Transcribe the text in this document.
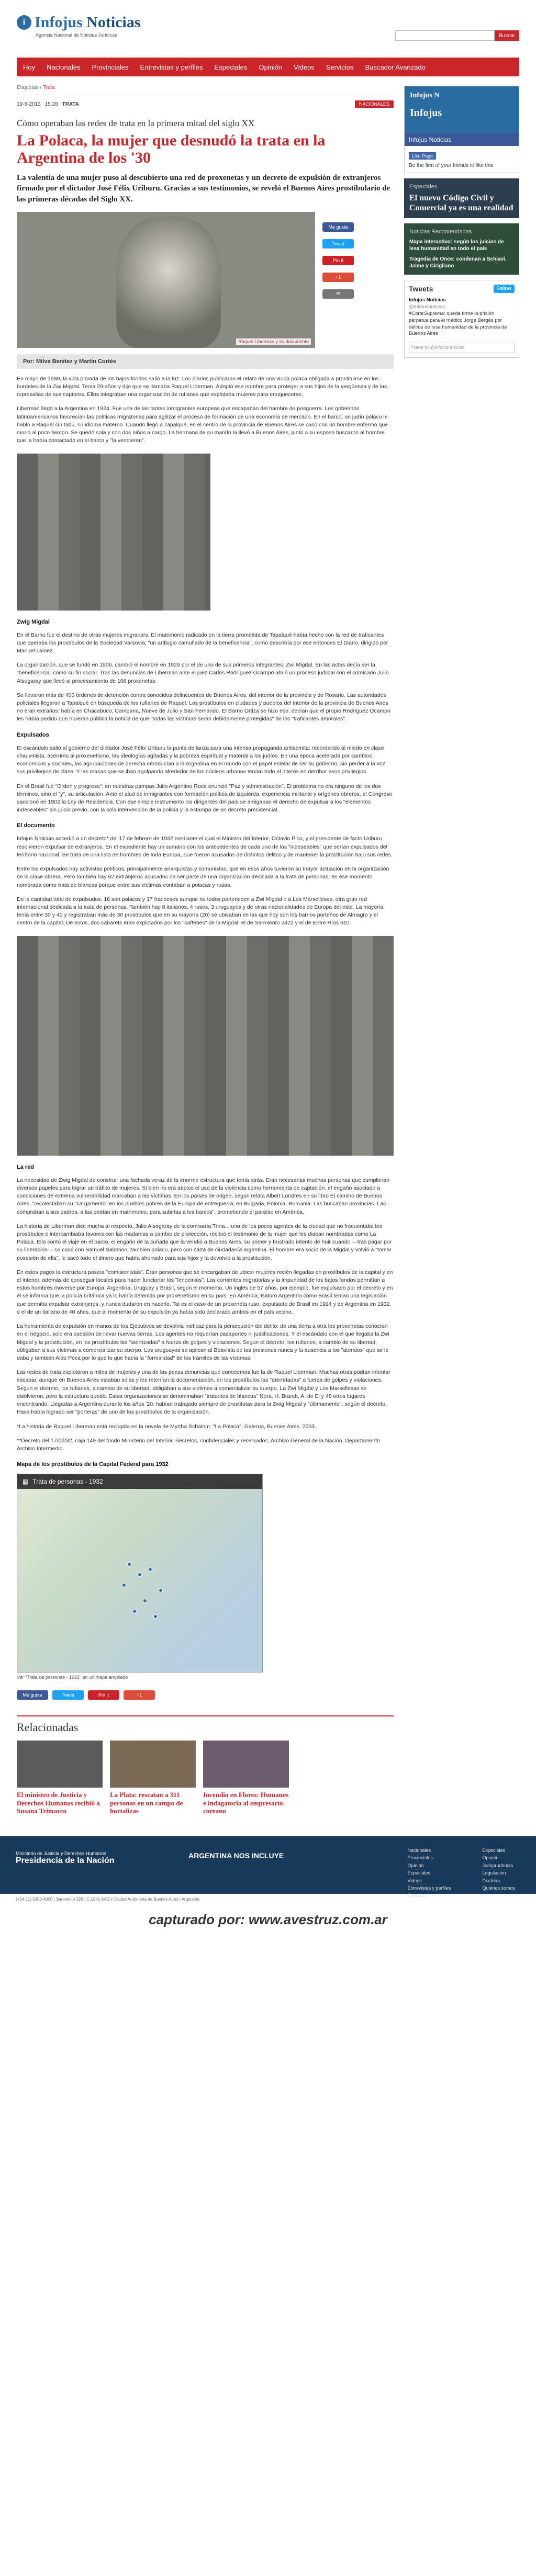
i Infojus Noticias
Agencia Nacional de Noticias Jurídicas	Buscar
Hoy Nacionales Provinciales Entrevistas y perfiles Especiales Opinión Videos Servicios Buscador Avanzado
Etiquetas / Trata
19-8-2013 15:28 TRATA	NACIONALES
Cómo operaban las redes de trata en la primera mitad del siglo XX
La Polaca, la mujer que desnudó la trata en la Argentina de los '30
La valentía de una mujer puso al descubierto una red de proxenetas y un decreto de expulsión de extranjeros firmado por el dictador José Félix Uriburu. Gracias a sus testimonios, se reveló el Buenos Aires prostibulario de las primeras décadas del Siglo XX.
Raquel Liberman y su documento
Me gusta
Tweet
Pin it
+1
✉
Por: Milva Benitez y Martín Cortés

En mayo de 1930, la vida privada de los bajos fondos salió a la luz. Los diarios publicaron el relato de una viuda polaca obligada a prostituirse en los burdeles de la Zwi Migdal. Tenía 29 años y dijo que se llamaba Raquel Liberman. Adoptó ese nombre para proteger a sus hijos de la vergüenza y de las represalias de sus captores. Ellos integraban una organización de rufianes que explotaba mujeres para enriquecerse.

Liberman llegó a la Argentina en 1924. Fue una de las tantas inmigrantes europeas que escapaban del hambre de posguerra. Los gobiernos latinoamericanos favorecían las políticas migratorias para agilizar el proceso de formación de una economía de mercado. En el barco, un judío polaco le habló a Raquel sin tabú, su idioma materno. Cuando llegó a Tapalqué, en el centro de la provincia de Buenos Aires se casó con un hombre enfermo que murió al poco tiempo. Se quedó sola y con dos niños a cargo. La hermana de su marido la llevó a Buenos Aires, junto a su esposo buscaron al hombre que la había contactado en el barco y "la vendieron".

Zwig Migdal

En el Barrio fue el destino de otras mujeres migrantes. El matrimonio radicado en la tierra prometida de Tapalqué había hecho con la red de traficantes que operaba los prostíbulos de la Sociedad Varsovia, "un artilugio camuflado de la beneficencia", como describía por ese entonces El Diario, dirigido por Manuel Lainez.

La organización, que se fundó en 1906, cambió el nombre en 1929 por el de uno de sus primeros integrantes: Zwi Migdal. En las actas decía ser la "beneficencia" como su fin social. Tras las denuncias de Liberman ante el juez Carlos Rodríguez Ocampo abrió un proceso judicial con el comisario Julio Alsogaray que llevó al procesamiento de 108 proxenetas.

Se llevaron más de 400 órdenes de detención contra conocidos delincuentes de Buenos Aires, del interior de la provincia y de Rosario. Las autoridades policiales llegaron a Tapalqué en búsqueda de los rufianes de Raquel. Los prostíbulos en ciudades y pueblos del interior de la provincia de Buenos Aires no eran extraños: había en Chacabuco, Campana, Nueve de Julio y San Fernando. El Barrio Ortiza se hizo eco: decían que el propio Rodríguez Ocampo les había pedido que hicieran pública la noticia de que "todas las víctimas serán debidamente protegidas" de los "traficantes amorales".

Expulsados

El escándalo salió al gobierno del dictador José Félix Uriburu la punta de lanza para una intensa propaganda antisemita: recordando al miedo en clase chauvinista, acérrimo al proxenetismo, las ideologías agitadas y la pobreza espiritual y material a los judíos. En una época acelerada por cambios económicos y sociales, las agrupaciones de derecha introducían a la Argentina en el mundo con el papel estelar de ser su gobierno, sin perder a la voz sus privilegios de clase. Y las masas que se iban agolpando alrededor de los núcleos urbanos tenían todo el interés en derribar esos privilegios.

En el Brasil fue "Orden y progreso"; en nuestras pampas Julio Argentino Roca enunció "Paz y administración". El problema no era ninguno de los dos términos, sino el "y", su articulación. Ante el alud de inmigrantes con formación política de izquierda, experiencia militante y orígenes obreros, el Congreso sancionó en 1902 la Ley de Residencia. Con ese simple instrumento los dirigentes del país se amigaban el derecho de expulsar a los "elementos indeseables" sin juicio previo, con la sola intervención de la policía y la estampa de un decreto presidencial.

El documento

Infojus Noticias accedió a un decreto* del 17 de febrero de 1932 mediante el cual el Ministro del Interior, Octavio Pico, y el presidente de facto Uriburu resolvieron expulsar de extranjeros. En el expediente hay un sumario con los antecedentes de cada uno de los "indeseables" que serían expulsados del territorio nacional. Se trata de una lista de hombres de toda Europa, que fueron acusados de distintos delitos y de mantener la prostitución bajo sus redes.

Entre los expulsados hay activistas políticos; principalmente anarquistas y comunistas, que en esos años tuvieron su mayor actuación en la organización de la clase obrera. Pero también hay 62 extranjeros acusados de ser parte de una organización dedicada a la trata de personas, en ese momento nombrada como trata de blancas porque entre sus víctimas contaban a polacas y rusas.

De la cantidad total de expulsados, 16 son polacos y 17 franceses aunque no todos pertenecen a Zwi Migdal o a Los Marsellesas, otra gran red internacional dedicada a la trata de personas. También hay 8 italianos, 4 rusos, 3 uruguayos y de otras nacionalidades de Europa del este. La mayoría tenía entre 30 y 40 y registraban más de 30 prostíbulos que en su mayoría (20) se ubicaban en las que hoy son los barrios porteños de Almagro y el centro de la capital. De estos, dos cabarets eran explotados por los "caftenes" de la Migdal: el de Sarmiento 2422 y el de Entre Ríos 610.

La red

La necesidad de Zwig Migdal de construir una fachada veraz de la enorme estructura que tenía atrás. Eran necesarias muchas personas que cumplieran diversos papeles para lograr un tráfico de mujeres. Si bien no era atípico el uso de la violencia como herramienta de captación, el engaño asociado a condiciones de extrema vulnerabilidad marcaban a las víctimas. En los países de origen, según relata Albert Londres en su libro El camino de Buenos Aires, "recolectaban su "cargamento" en los pueblos pobres de la Europa de entreguerra, en Bulgaria, Polonia, Rumania. Las buscaban provincias. Las compraban a sus padres, a las pedían en matrimonio, para subirlas a los barcos", prometiendo el paraíso en América.

La historia de Liberman dice mucha al respecto. Julio Alsogaray de la comisaría Trina... uno de los pocos agentes de la ciudad que no frecuentaba los prostíbulos e intercambiaba favores con las madamas a cambio de protección, recibió el testimonio de la mujer que les diaban nombradas como La Polaca. Ella contó el viaje en el barco, el engaño de la cuñada que la vendió a Buenos Aires, su primer y frustrado intento de huir cuando —tras pagar por su liberación— se casó con Samuel Salomon, también polaco, pero con carta de ciudadanía argentina. El hombre era socio de la Migdal y volvió a "tomar posesión de ella", le sacó todo el dinero que había ahorrado para sus hijos y la devolvió a la prostitución.

En estos pagos la estructura poseía "comisionistas". Eran personas que se encargaban de ubicar mujeres recién llegadas en prostíbulos de la capital y en el interior, además de conseguir locales para hacer funcionar los "lenocinios". Las corrientes migratorias y la impunidad de los bajos fondos permitían a estos hombres moverse por Europa, Argentina, Uruguay y Brasil, según el momento. Un inglés de 57 años, por ejemplo, fue expulsado por el decreto y en él se informa que la policía británica ya lo había detenido por proxenetismo en su país. En América, Isidoro Argentino como Brasil tenían una legislación que permitía expulsar extranjeros, y nunca dudaron en hacerlo. Tal es el caso de un proxeneta ruso, expulsado de Brasil en 1914 y de Argentina en 1932, o el de un italiano de 40 años, que al momento de su expulsión ya había sido declarado ambos en el país vecino.

La herramienta de expulsión en manos de los Ejecutivos se devolvía ineficaz para la persecución del delito: de una tierra a otra los proxenetas conocían en el negocio, solo era cuestión de llevar nuevas tierras. Los agentes no requerían pasaportes ni justificaciones. Y el escándalo con el que llegaba la Zwi Migdal y la prostitución, en los prostíbulos las "aterrizadas" a fuerza de golpes y violaciones. Según el decreto, los rufianes, a cambio de su libertad, obligaban a sus víctimas a comercializar su cuerpo. Los uruguayos se aplican al Boavista de las presiones nunca y la ausencia a los "ateridos" que se le daba y también Aldo Poca por lo que lo que hacía la "formalidad" de los trámites de las víctimas.

Las redes de trata explotaron a miles de mujeres y una de las pocas denuncias que conocemos fue la de Raquel Liberman. Muchas otras podían intentar escapar, aunque en Buenos Aires estaban solas y les retenían la documentación, en los prostíbulos las "aterridadas" a fuerza de golpes y violaciones. Según el decreto, los rufianes, a cambio de su libertad, obligaban a sus víctimas a comercializar su cuerpo. La Zwi Migdal y Los Marsellesas se disolvieron, pero la estructura quedó. Estas organizaciones se denominaban "tratantes de blancas" Nora, H. Brandt, A. de El y 48 otros lugares encontrando. Llegadas a Argentina durante los años '20, habían trabajado siempre de prostitutas para la Zwig Migdal y "últimamente", según el decreto. Hava había logrado ser "porteras" de uno de los prostíbulos de la organización.

*La historia de Raquel Liberman está recogida en la novela de Myrtha Schalom: "La Polaca", Galerna, Buenos Aires, 2003.

**Decreto del 17/02/32, caja 149 del fondo Ministerio del Interior, Secretos, confidenciales y reservados, Archivo General de la Nación. Departamento Archivo Intermedio.

Mapa de los prostíbulos de la Capital Federal para 1932
▦ Trata de personas - 1932
Ver "Trata de personas - 1932" en un mapa ampliado
Me gusta	Tweet	Pin it	+1
Relacionadas
El ministro de Justicia y Derechos Humanos recibió a Susana Trimarco
La Plata: rescatan a 311 personas en un campo de hortalizas
Incendio en Flores: Humanos e indagatoria al empresario coreano
Infojus N
Infojus
Infojus Noticias
Like Page
Be the first of your friends to like this
Especiales
El nuevo Código Civil y Comercial ya es una realidad
Noticias Recomendadas
Mapa interactivo: según los juicios de lesa humanidad en todo el país
Tragedia de Once: condenan a Schiavi, Jaime y Cirigliano
Tweets	Follow
Infojus Noticias
@infojusnoticias
#CorteSuprema: queda firme la prisión perpetua para el médico Jorge Bergés por delitos de lesa humanidad de la provincia de Buenos Aires
Tweet to @infojusnoticias
Ministerio de Justicia y Derechos Humanos
Presidencia de la Nación
ARGENTINA NOS INCLUYE
Nacionales
Provinciales
Opinión
Especiales
Videos
Entrevistas y perfiles
Contacto
Especiales
Opinión
Jurisprudencia
Legislación
Doctrina
Quiénes somos
(+54-11) 5300-4000 | Sarmiento 329 | C.1041 AAG | Ciudad Autónoma de Buenos Aires | Argentina
capturado por: www.avestruz.com.ar
